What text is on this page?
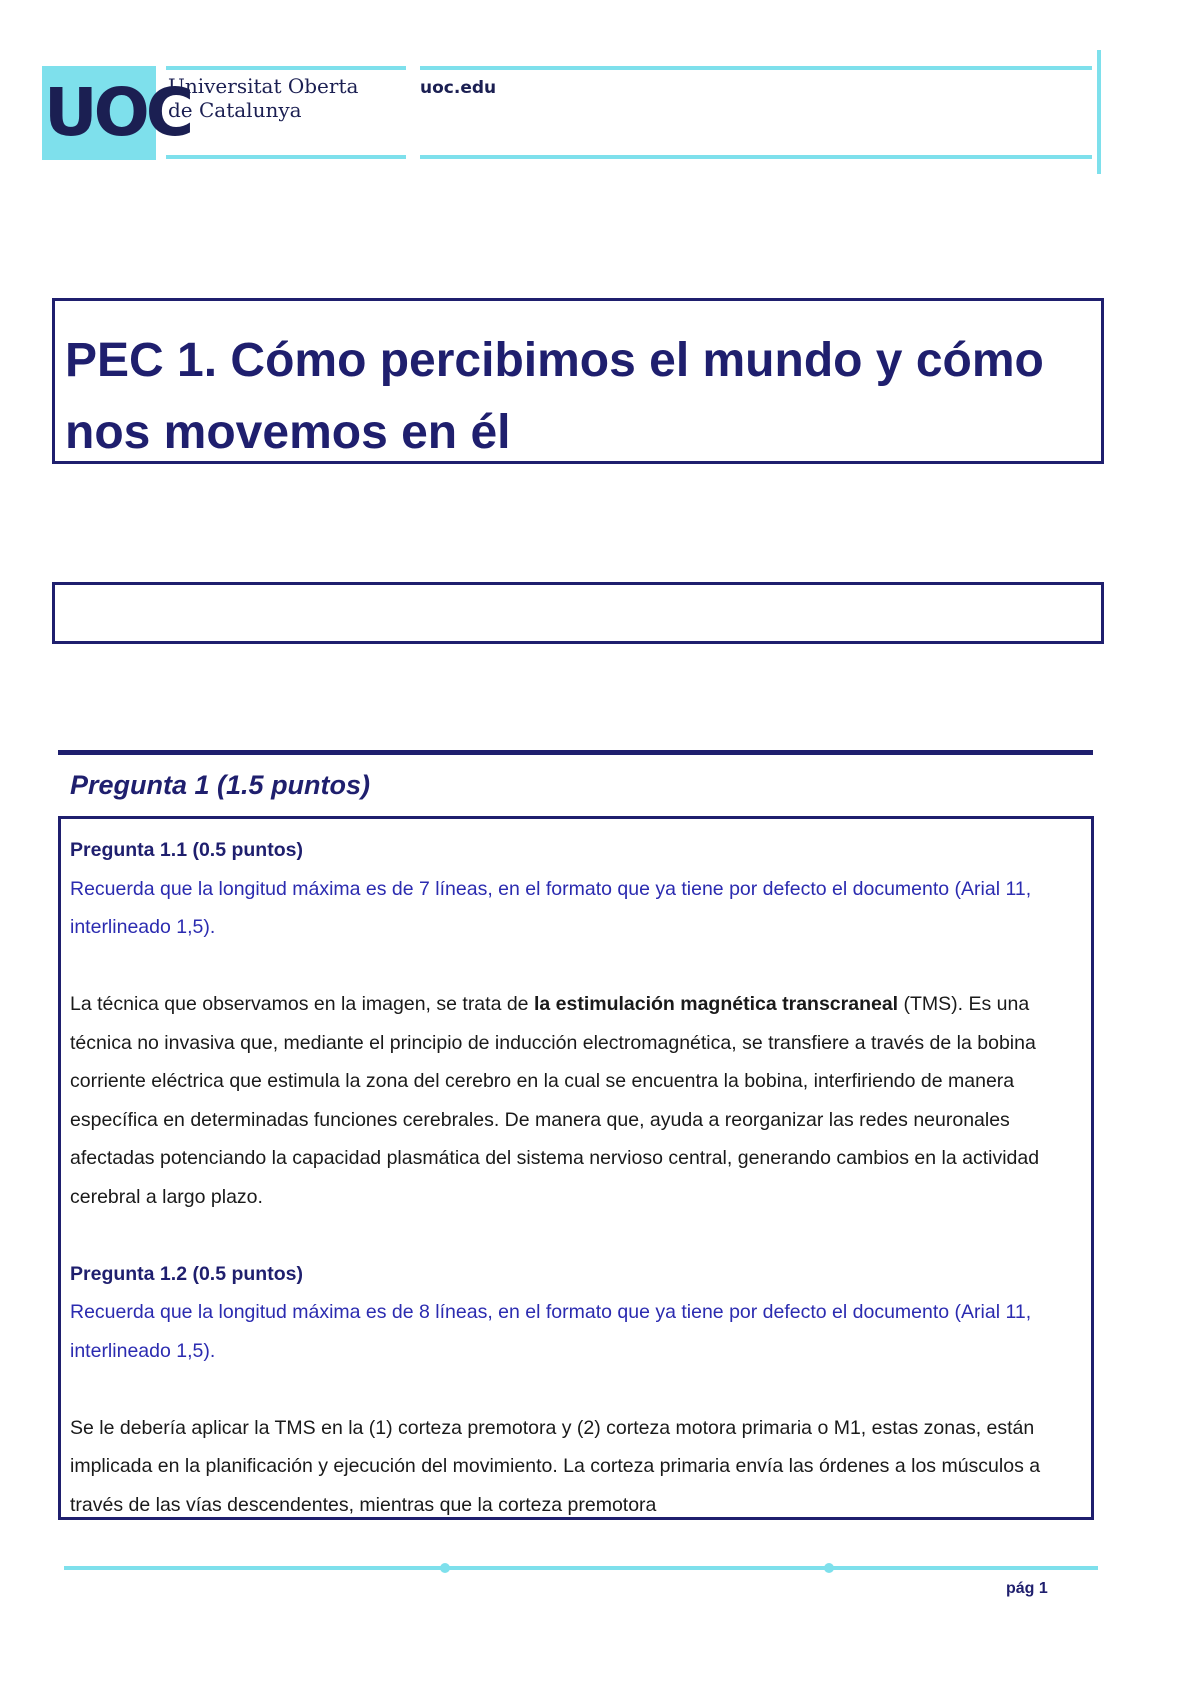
UOC
Universitat Oberta
de Catalunya
uoc.edu
PEC 1. Cómo percibimos el mundo y cómo nos movemos en él
Pregunta 1 (1.5 puntos)

Pregunta 1.1 (0.5 puntos)

Recuerda que la longitud máxima es de 7 líneas, en el formato que ya tiene por defecto el documento (Arial 11, interlineado 1,5).

La técnica que observamos en la imagen, se trata de la estimulación magnética transcraneal (TMS). Es una técnica no invasiva que, mediante el principio de inducción electromagnética, se transfiere a través de la bobina corriente eléctrica que estimula la zona del cerebro en la cual se encuentra la bobina, interfiriendo de manera específica en determinadas funciones cerebrales. De manera que, ayuda a reorganizar las redes neuronales afectadas potenciando la capacidad plasmática del sistema nervioso central, generando cambios en la actividad cerebral a largo plazo.

Pregunta 1.2 (0.5 puntos)

Recuerda que la longitud máxima es de 8 líneas, en el formato que ya tiene por defecto el documento (Arial 11, interlineado 1,5).

Se le debería aplicar la TMS en la (1) corteza premotora y (2) corteza motora primaria o M1, estas zonas, están implicada en la planificación y ejecución del movimiento. La corteza primaria envía las órdenes a los músculos a través de las vías descendentes, mientras que la corteza premotora

pág 1
